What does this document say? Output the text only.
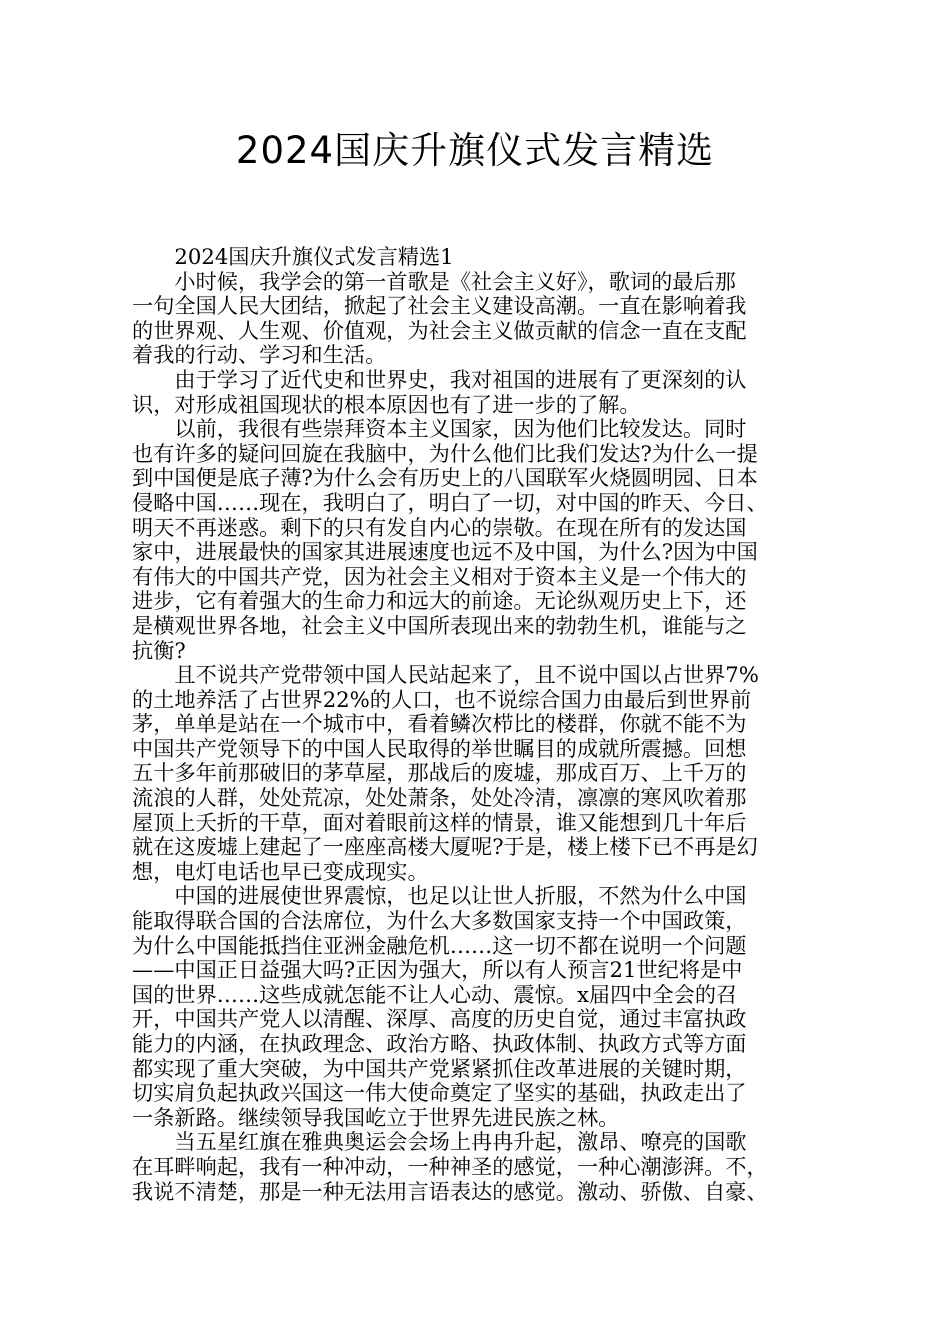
2024国庆升旗仪式发言精选

2024国庆升旗仪式发言精选1

小时候，我学会的第一首歌是《社会主义好》，歌词的最后那
一句全国人民大团结，掀起了社会主义建设高潮。一直在影响着我
的世界观、人生观、价值观，为社会主义做贡献的信念一直在支配
着我的行动、学习和生活。

由于学习了近代史和世界史，我对祖国的进展有了更深刻的认
识，对形成祖国现状的根本原因也有了进一步的了解。

以前，我很有些崇拜资本主义国家，因为他们比较发达。同时
也有许多的疑问回旋在我脑中，为什么他们比我们发达?为什么一提
到中国便是底子薄?为什么会有历史上的八国联军火烧圆明园、日本
侵略中国……现在，我明白了，明白了一切，对中国的昨天、今日、
明天不再迷惑。剩下的只有发自内心的崇敬。在现在所有的发达国
家中，进展最快的国家其进展速度也远不及中国，为什么?因为中国
有伟大的中国共产党，因为社会主义相对于资本主义是一个伟大的
进步，它有着强大的生命力和远大的前途。无论纵观历史上下，还
是横观世界各地，社会主义中国所表现出来的勃勃生机，谁能与之
抗衡?

且不说共产党带领中国人民站起来了，且不说中国以占世界7%
的土地养活了占世界22%的人口，也不说综合国力由最后到世界前
茅，单单是站在一个城市中，看着鳞次栉比的楼群，你就不能不为
中国共产党领导下的中国人民取得的举世瞩目的成就所震撼。回想
五十多年前那破旧的茅草屋，那战后的废墟，那成百万、上千万的
流浪的人群，处处荒凉，处处萧条，处处冷清，凛凛的寒风吹着那
屋顶上夭折的干草，面对着眼前这样的情景，谁又能想到几十年后
就在这废墟上建起了一座座高楼大厦呢?于是，楼上楼下已不再是幻
想，电灯电话也早已变成现实。

中国的进展使世界震惊，也足以让世人折服，不然为什么中国
能取得联合国的合法席位，为什么大多数国家支持一个中国政策，
为什么中国能抵挡住亚洲金融危机……这一切不都在说明一个问题
——中国正日益强大吗?正因为强大，所以有人预言21世纪将是中
国的世界……这些成就怎能不让人心动、震惊。x届四中全会的召
开，中国共产党人以清醒、深厚、高度的历史自觉，通过丰富执政
能力的内涵，在执政理念、政治方略、执政体制、执政方式等方面
都实现了重大突破，为中国共产党紧紧抓住改革进展的关键时期，
切实肩负起执政兴国这一伟大使命奠定了坚实的基础，执政走出了
一条新路。继续领导我国屹立于世界先进民族之林。

当五星红旗在雅典奥运会会场上冉冉升起，激昂、嘹亮的国歌
在耳畔响起，我有一种冲动，一种神圣的感觉，一种心潮澎湃。不，
我说不清楚，那是一种无法用言语表达的感觉。激动、骄傲、自豪、
